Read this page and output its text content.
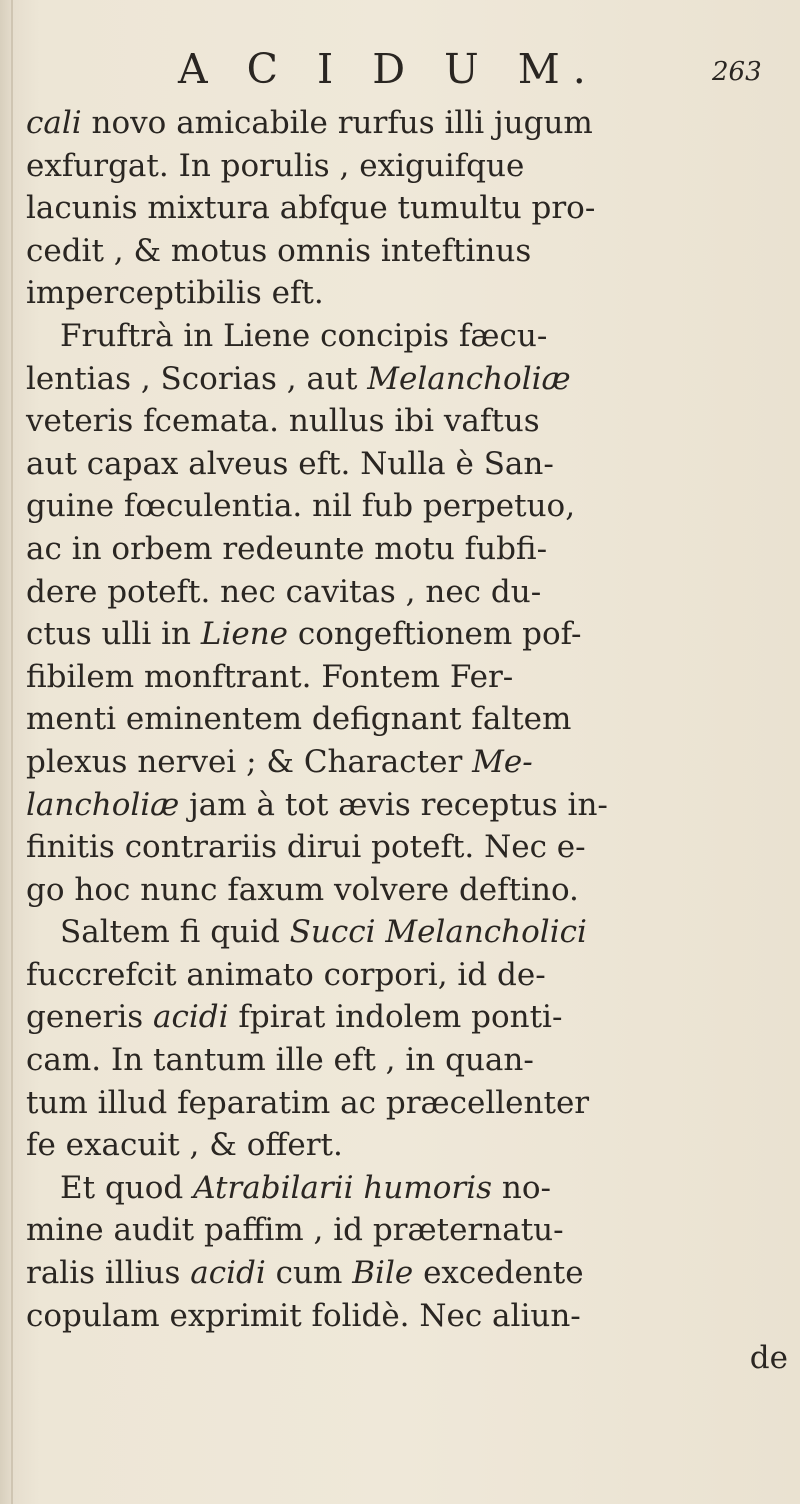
A C I D U M.	263
cali novo amicabile rurfus illi jugum
exfurgat. In porulis , exiguifque
lacunis mixtura abfque tumultu pro-
cedit , & motus omnis inteftinus
imperceptibilis eft.
Fruftrà in Liene concipis fæcu-
lentias , Scorias , aut Melancholiæ
veteris fcemata. nullus ibi vaftus
aut capax alveus eft. Nulla è San-
guine fœculentia. nil fub perpetuo,
ac in orbem redeunte motu fubfi-
dere poteft. nec cavitas , nec du-
ctus ulli in Liene congeftionem pof-
fibilem monftrant. Fontem Fer-
menti eminentem defignant faltem
plexus nervei ; & Character Me-
lancholiæ jam à tot ævis receptus in-
finitis contrariis dirui poteft. Nec e-
go hoc nunc faxum volvere deftino.
Saltem fi quid Succi Melancholici
fuccrefcit animato corpori, id de-
generis acidi fpirat indolem ponti-
cam. In tantum ille eft , in quan-
tum illud feparatim ac præcellenter
fe exacuit , & offert.
Et quod Atrabilarii humoris no-
mine audit paffim , id præternatu-
ralis illius acidi cum Bile excedente
copulam exprimit folidè. Nec aliun-
de
